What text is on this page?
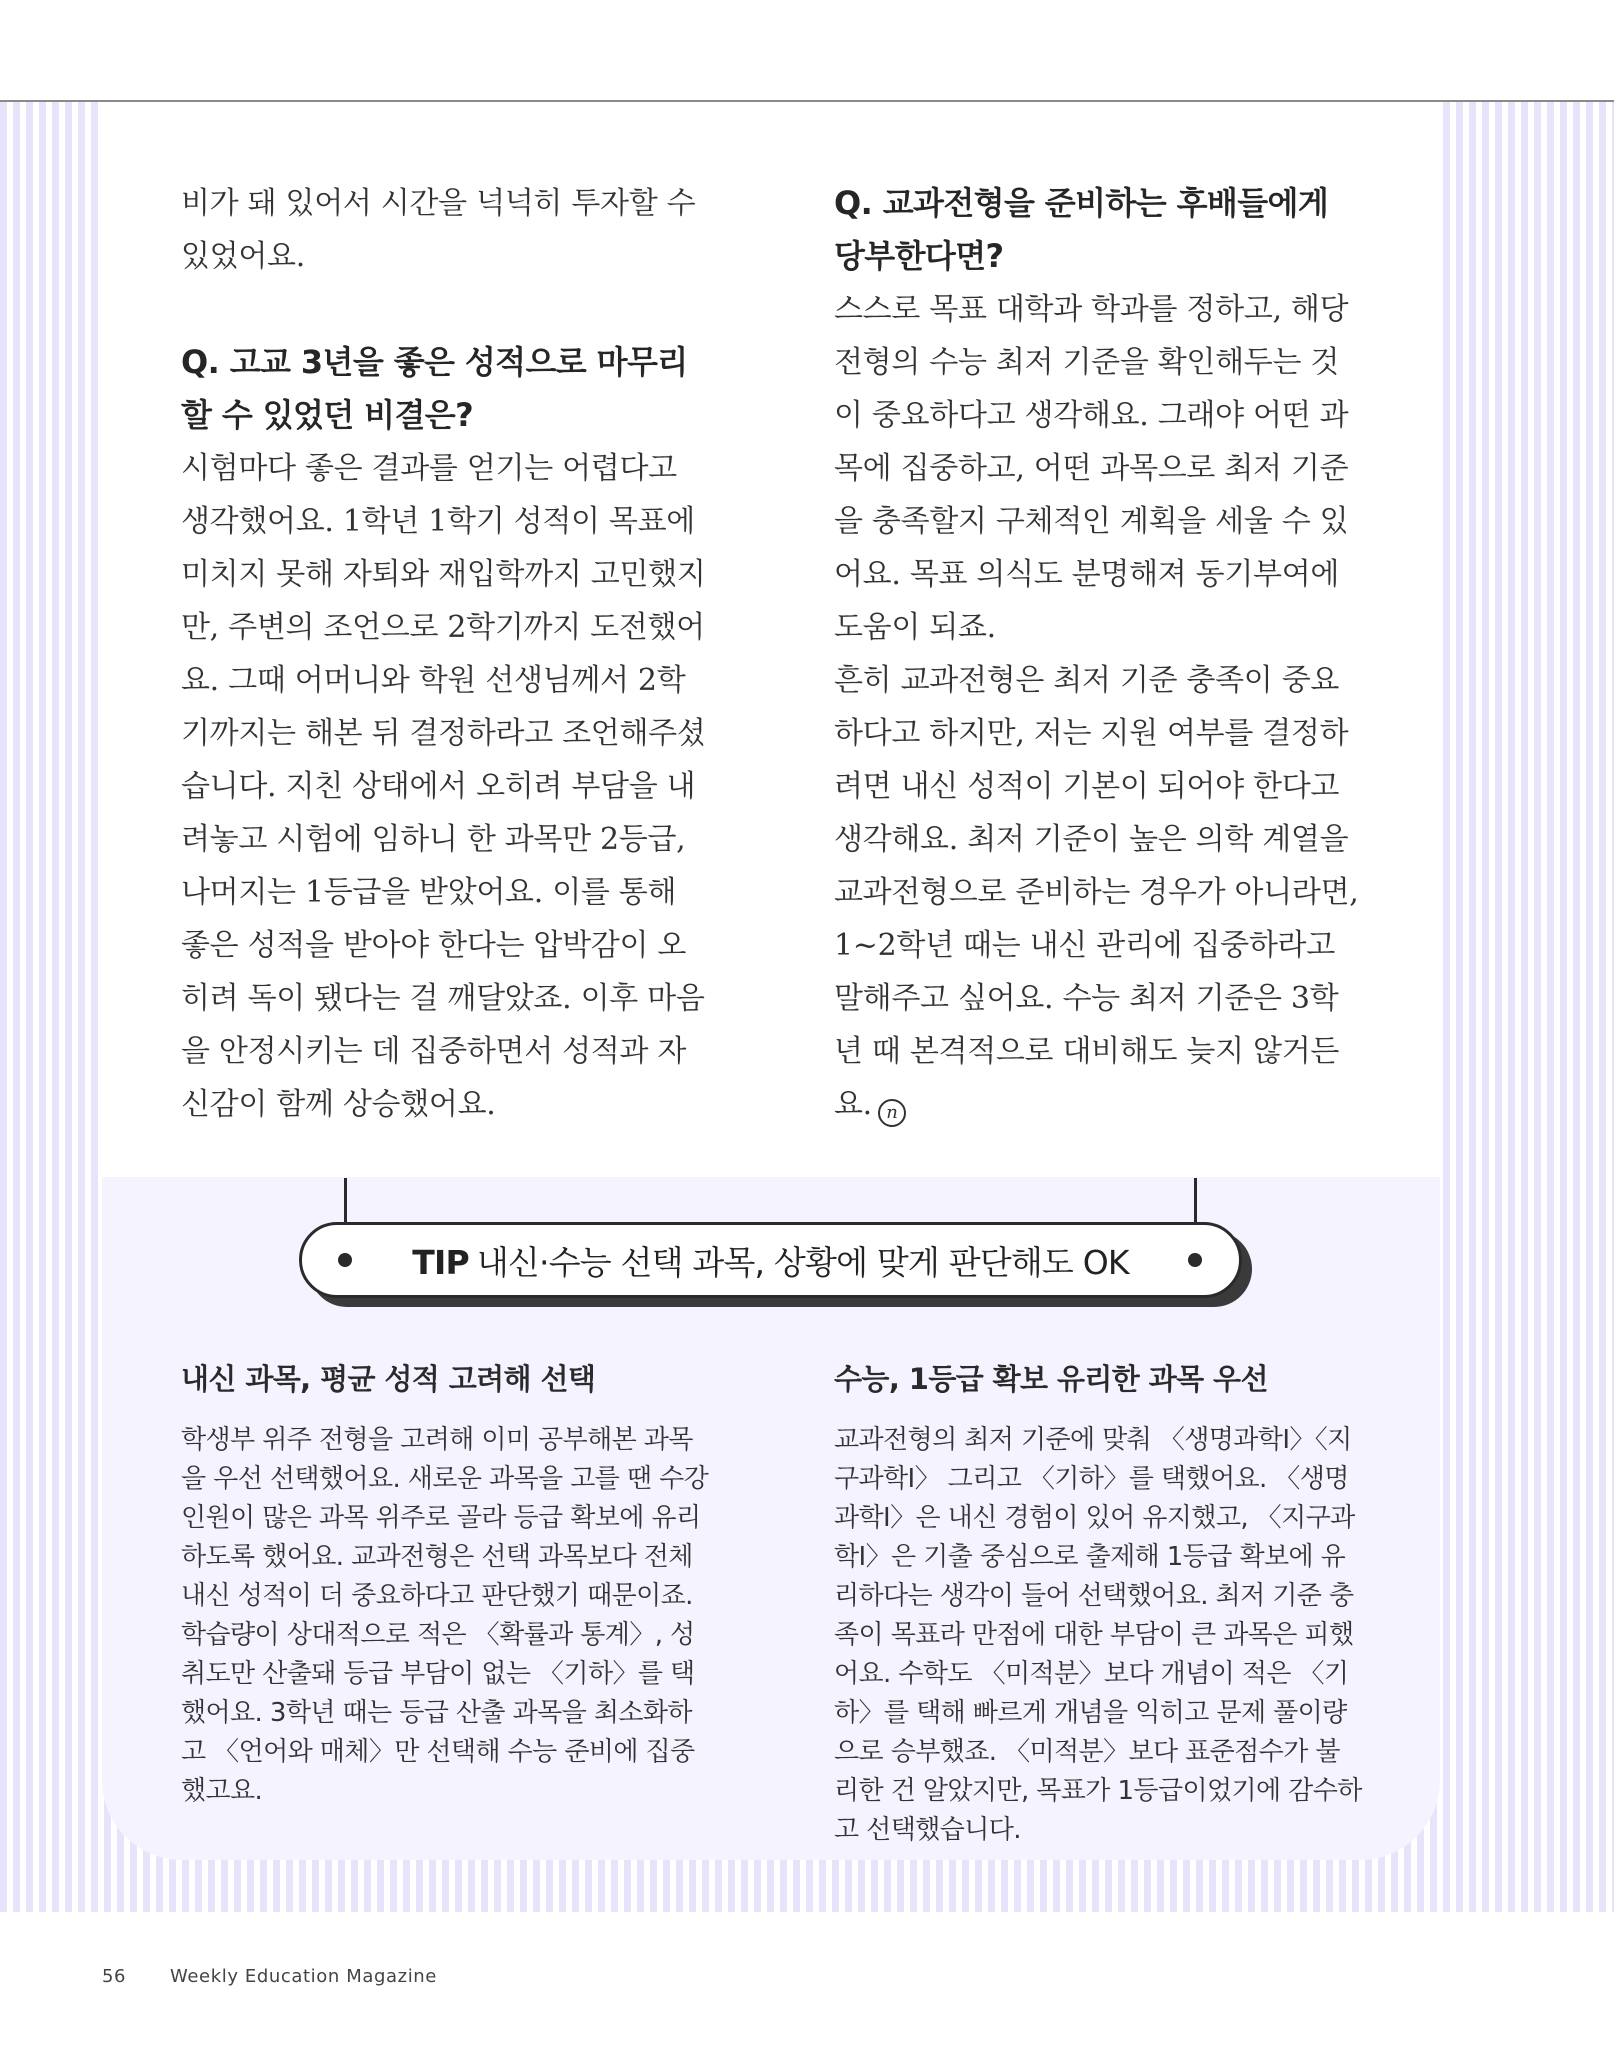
비가 돼 있어서 시간을 넉넉히 투자할 수 있었어요.

Q. 고교 3년을 좋은 성적으로 마무리할 수 있었던 비결은?

시험마다 좋은 결과를 얻기는 어렵다고 생각했어요. 1학년 1학기 성적이 목표에 미치지 못해 자퇴와 재입학까지 고민했지만, 주변의 조언으로 2학기까지 도전했어요. 그때 어머니와 학원 선생님께서 2학기까지는 해본 뒤 결정하라고 조언해주셨습니다. 지친 상태에서 오히려 부담을 내려놓고 시험에 임하니 한 과목만 2등급, 나머지는 1등급을 받았어요. 이를 통해 좋은 성적을 받아야 한다는 압박감이 오히려 독이 됐다는 걸 깨달았죠. 이후 마음을 안정시키는 데 집중하면서 성적과 자신감이 함께 상승했어요.

Q. 교과전형을 준비하는 후배들에게 당부한다면?

스스로 목표 대학과 학과를 정하고, 해당 전형의 수능 최저 기준을 확인해두는 것이 중요하다고 생각해요. 그래야 어떤 과목에 집중하고, 어떤 과목으로 최저 기준을 충족할지 구체적인 계획을 세울 수 있어요. 목표 의식도 분명해져 동기부여에 도움이 되죠.

흔히 교과전형은 최저 기준 충족이 중요하다고 하지만, 저는 지원 여부를 결정하려면 내신 성적이 기본이 되어야 한다고 생각해요. 최저 기준이 높은 의학 계열을 교과전형으로 준비하는 경우가 아니라면, 1~2학년 때는 내신 관리에 집중하라고 말해주고 싶어요. 수능 최저 기준은 3학년 때 본격적으로 대비해도 늦지 않거든요. n

TIP 내신·수능 선택 과목, 상황에 맞게 판단해도 OK
내신 과목, 평균 성적 고려해 선택

학생부 위주 전형을 고려해 이미 공부해본 과목을 우선 선택했어요. 새로운 과목을 고를 땐 수강 인원이 많은 과목 위주로 골라 등급 확보에 유리하도록 했어요. 교과전형은 선택 과목보다 전체 내신 성적이 더 중요하다고 판단했기 때문이죠. 학습량이 상대적으로 적은 〈확률과 통계〉, 성취도만 산출돼 등급 부담이 없는 〈기하〉를 택했어요. 3학년 때는 등급 산출 과목을 최소화하고 〈언어와 매체〉만 선택해 수능 준비에 집중했고요.

수능, 1등급 확보 유리한 과목 우선

교과전형의 최저 기준에 맞춰 〈생명과학Ⅰ〉〈지구과학Ⅰ〉 그리고 〈기하〉를 택했어요. 〈생명과학Ⅰ〉은 내신 경험이 있어 유지했고, 〈지구과학Ⅰ〉은 기출 중심으로 출제해 1등급 확보에 유리하다는 생각이 들어 선택했어요. 최저 기준 충족이 목표라 만점에 대한 부담이 큰 과목은 피했어요. 수학도 〈미적분〉보다 개념이 적은 〈기하〉를 택해 빠르게 개념을 익히고 문제 풀이량으로 승부했죠. 〈미적분〉보다 표준점수가 불리한 건 알았지만, 목표가 1등급이었기에 감수하고 선택했습니다.

56 Weekly Education Magazine
